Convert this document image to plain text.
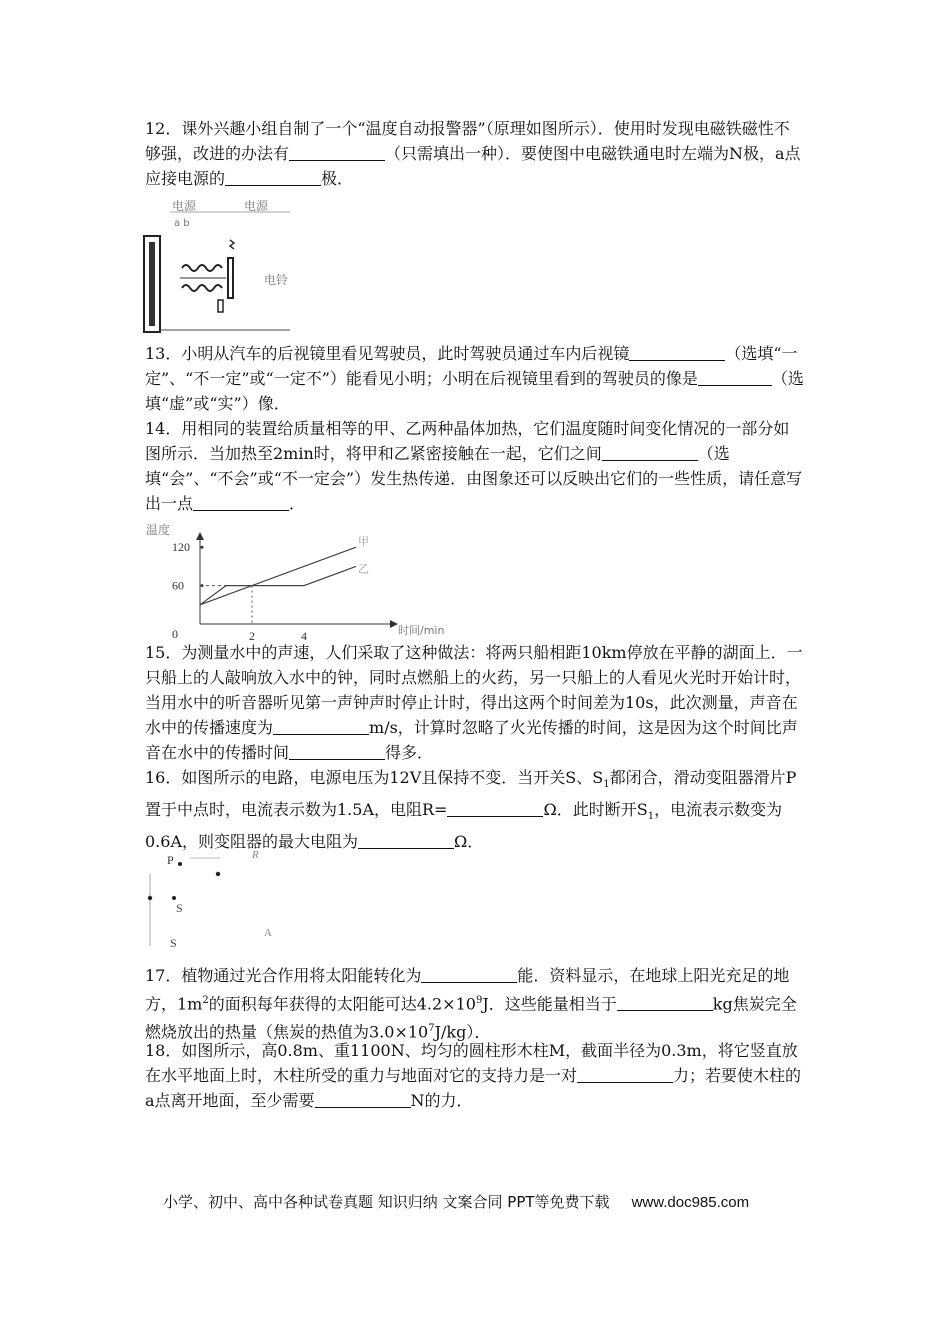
12．课外兴趣小组自制了一个“温度自动报警器”（原理如图所示）．使用时发现电磁铁磁性不够强，改进的办法有	（只需填出一种）．要使图中电磁铁通电时左端为N极，a点应接电源的	极．
电源	电源
a b
电铃
13．小明从汽车的后视镜里看见驾驶员，此时驾驶员通过车内后视镜	（选填“一定”、“不一定”或“一定不”）能看见小明；小明在后视镜里看到的驾驶员的像是	（选填“虚”或“实”）像．
14．用相同的装置给质量相等的甲、乙两种晶体加热，它们温度随时间变化情况的一部分如图所示．当加热至2min时，将甲和乙紧密接触在一起，它们之间	（选填“会”、“不会”或“不一定会”）发生热传递．由图象还可以反映出它们的一些性质，请任意写出一点	．
温度
时间/min
120
60
0	2	4
甲
乙
15．为测量水中的声速，人们采取了这种做法：将两只船相距10km停放在平静的湖面上．一只船上的人敲响放入水中的钟，同时点燃船上的火药，另一只船上的人看见火光时开始计时，当用水中的听音器听见第一声钟声时停止计时，得出这两个时间差为10s，此次测量，声音在水中的传播速度为	m/s，计算时忽略了火光传播的时间，这是因为这个时间比声音在水中的传播时间	得多．
16．如图所示的电路，电源电压为12V且保持不变．当开关S、$S_1$都闭合，滑动变阻器滑片P置于中点时，电流表示数为1.5A，电阻R=	Ω．此时断开$S_1$，电流表示数变为0.6A，则变阻器的最大电阻为	Ω．
P	R
S
S
A
17．植物通过光合作用将太阳能转化为	能．资料显示，在地球上阳光充足的地方，$1m^2$的面积每年获得的太阳能可达$4.2\times 10^9J$．这些能量相当于	kg焦炭完全燃烧放出的热量（焦炭的热值为$3.0\times 10^7J/kg$）．
18．如图所示，高0.8m、重1100N、均匀的圆柱形木柱M，截面半径为0.3m，将它竖直放在水平地面上时，木柱所受的重力与地面对它的支持力是一对	力；若要使木柱的a点离开地面，至少需要	N的力．
小学、初中、高中各种试卷真题 知识归纳 文案合同 PPT等免费下载 www.doc985.com
